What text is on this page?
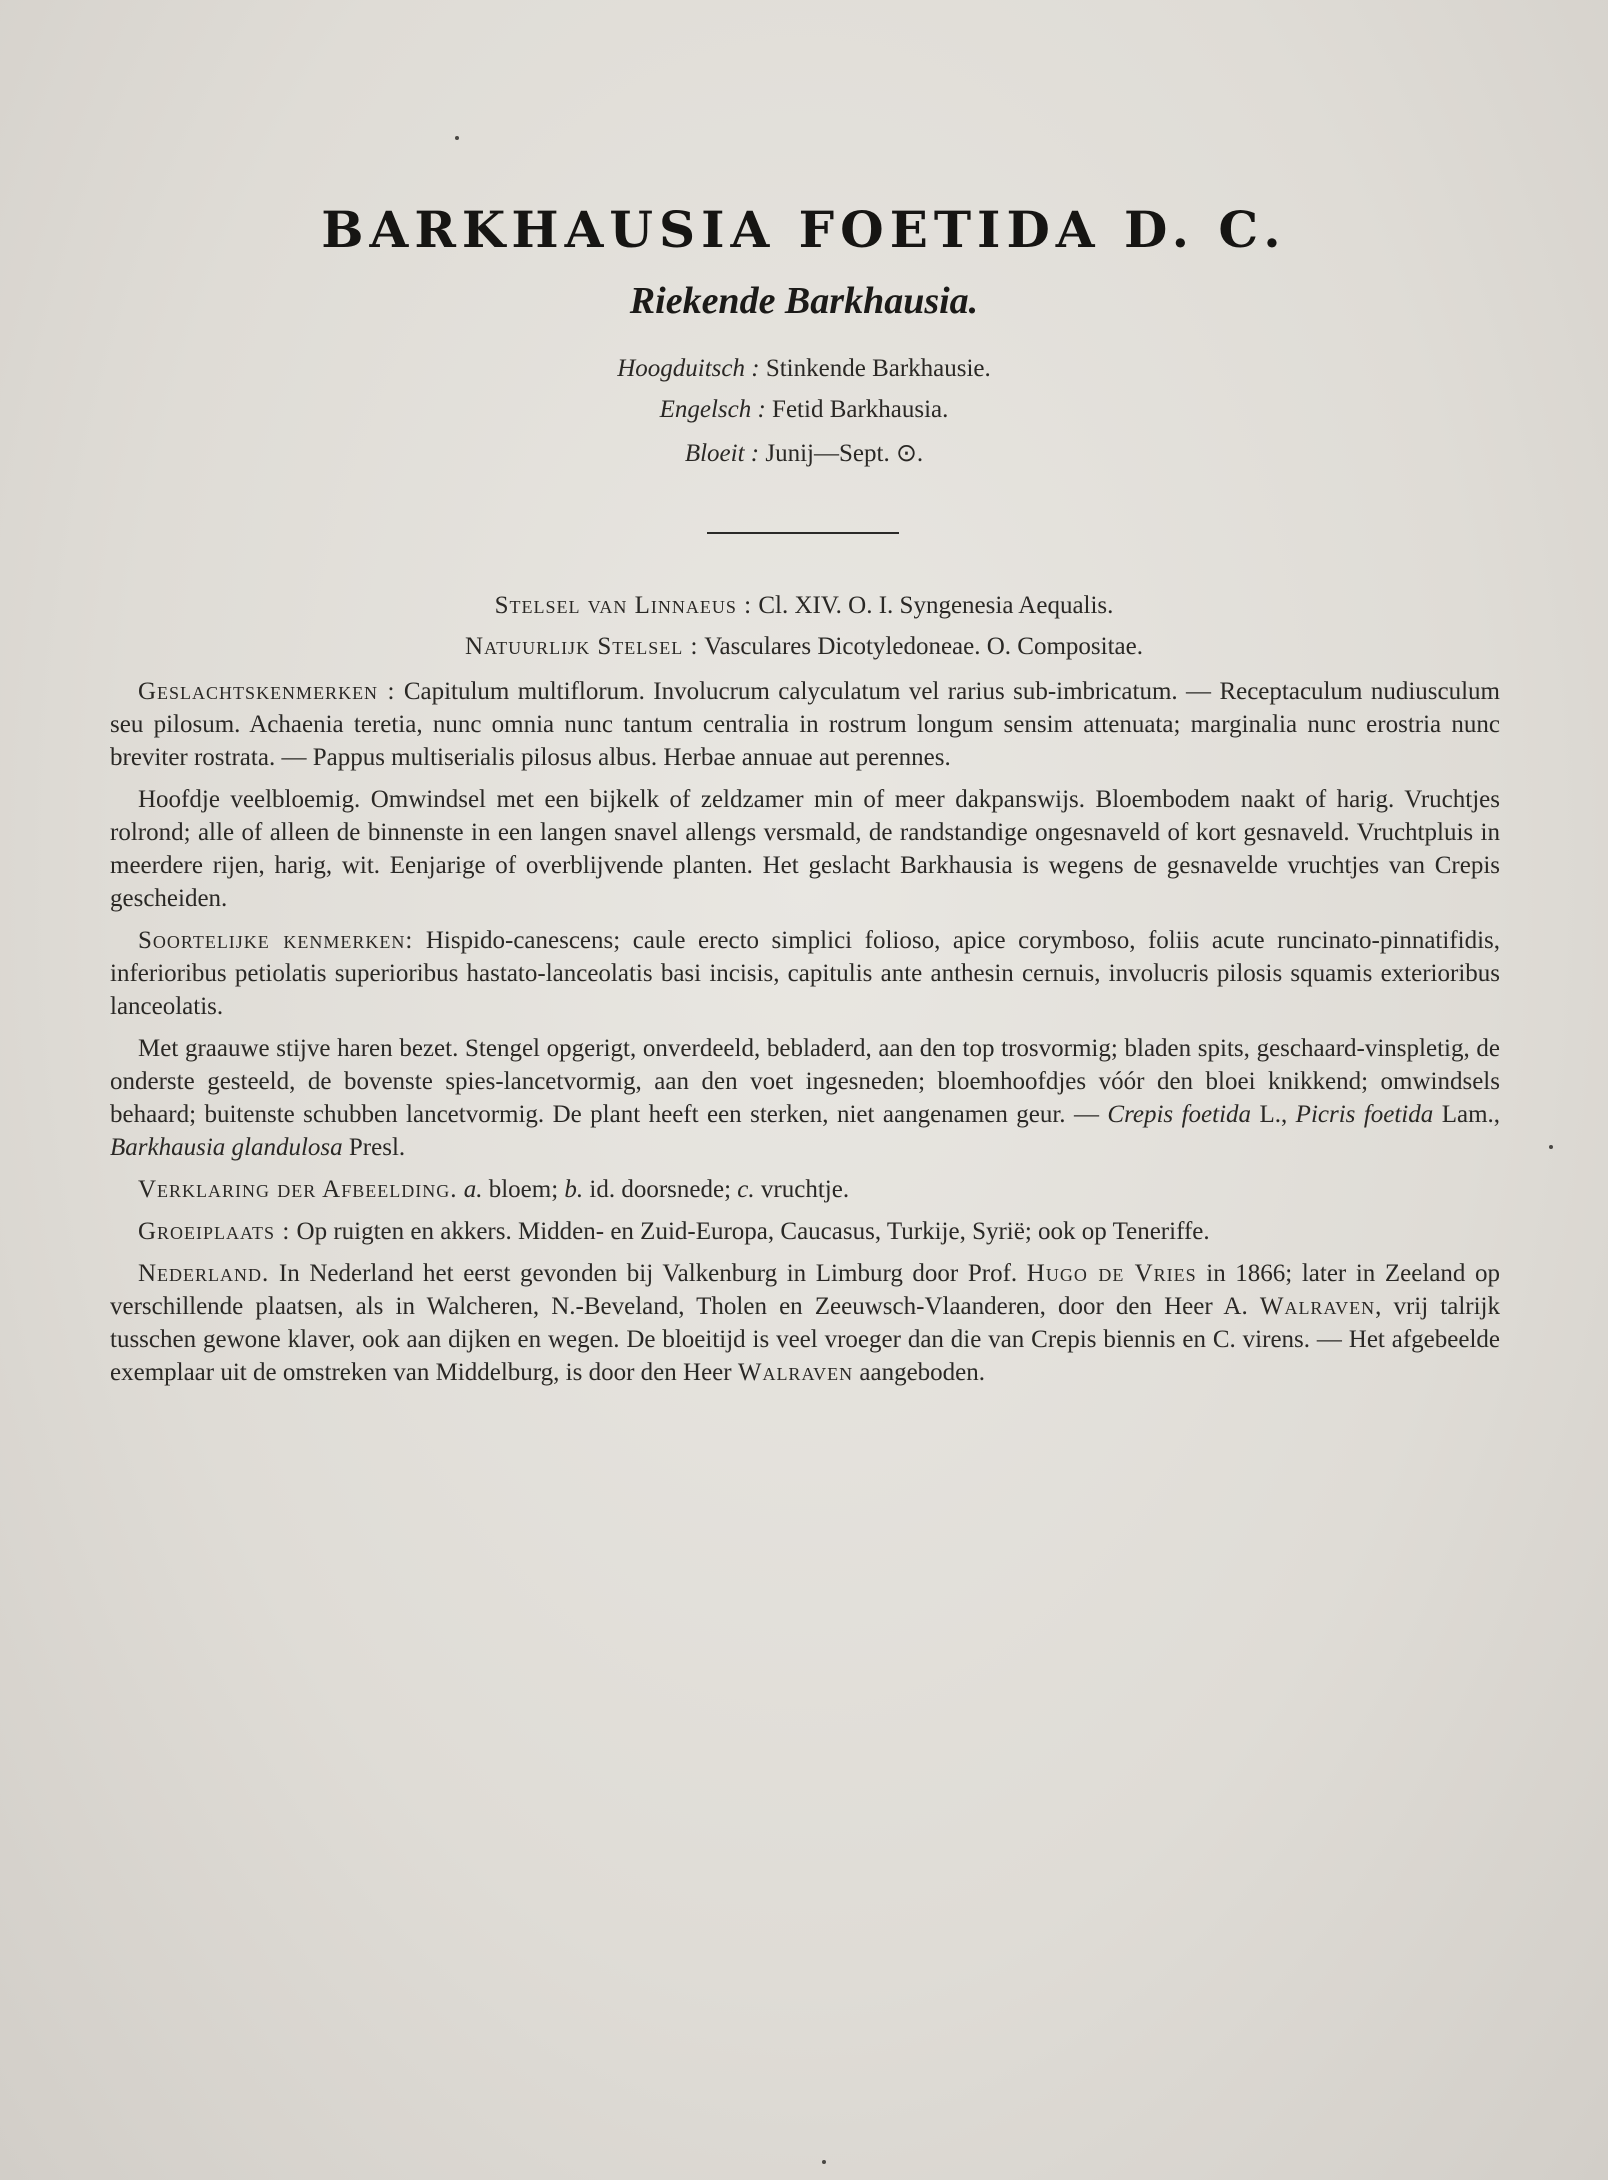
BARKHAUSIA FOETIDA D. C.
Riekende Barkhausia.
Hoogduitsch : Stinkende Barkhausie.
Engelsch : Fetid Barkhausia.
Bloeit : Junij—Sept. ⊙.
Stelsel van Linnaeus : Cl. XIV. O. I. Syngenesia Aequalis.
Natuurlijk Stelsel : Vasculares Dicotyledoneae. O. Compositae.

Geslachtskenmerken : Capitulum multiflorum. Involucrum calyculatum vel rarius sub-imbricatum. — Receptaculum nudiusculum seu pilosum. Achaenia teretia, nunc omnia nunc tantum centralia in rostrum longum sensim attenuata; marginalia nunc erostria nunc breviter rostrata. — Pappus multiserialis pilosus albus. Herbae annuae aut perennes.

Hoofdje veelbloemig. Omwindsel met een bijkelk of zeldzamer min of meer dakpanswijs. Bloembodem naakt of harig. Vruchtjes rolrond; alle of alleen de binnenste in een langen snavel allengs versmald, de randstandige ongesnaveld of kort gesnaveld. Vruchtpluis in meerdere rijen, harig, wit. Eenjarige of overblijvende planten. Het geslacht Barkhausia is wegens de gesnavelde vruchtjes van Crepis gescheiden.

Soortelijke kenmerken: Hispido-canescens; caule erecto simplici folioso, apice corymboso, foliis acute runcinato-pinnatifidis, inferioribus petiolatis superioribus hastato-lanceolatis basi incisis, capitulis ante anthesin cernuis, involucris pilosis squamis exterioribus lanceolatis.

Met graauwe stijve haren bezet. Stengel opgerigt, onverdeeld, bebladerd, aan den top trosvormig; bladen spits, geschaard-vinspletig, de onderste gesteeld, de bovenste spies-lancetvormig, aan den voet ingesneden; bloemhoofdjes vóór den bloei knikkend; omwindsels behaard; buitenste schubben lancetvormig. De plant heeft een sterken, niet aangenamen geur. — Crepis foetida L., Picris foetida Lam., Barkhausia glandulosa Presl.

Verklaring der Afbeelding. a. bloem; b. id. doorsnede; c. vruchtje.

Groeiplaats : Op ruigten en akkers. Midden- en Zuid-Europa, Caucasus, Turkije, Syrië; ook op Teneriffe.

Nederland. In Nederland het eerst gevonden bij Valkenburg in Limburg door Prof. Hugo de Vries in 1866; later in Zeeland op verschillende plaatsen, als in Walcheren, N.-Beveland, Tholen en Zeeuwsch-Vlaanderen, door den Heer A. Walraven, vrij talrijk tusschen gewone klaver, ook aan dijken en wegen. De bloeitijd is veel vroeger dan die van Crepis biennis en C. virens. — Het afgebeelde exemplaar uit de omstreken van Middelburg, is door den Heer Walraven aangeboden.
